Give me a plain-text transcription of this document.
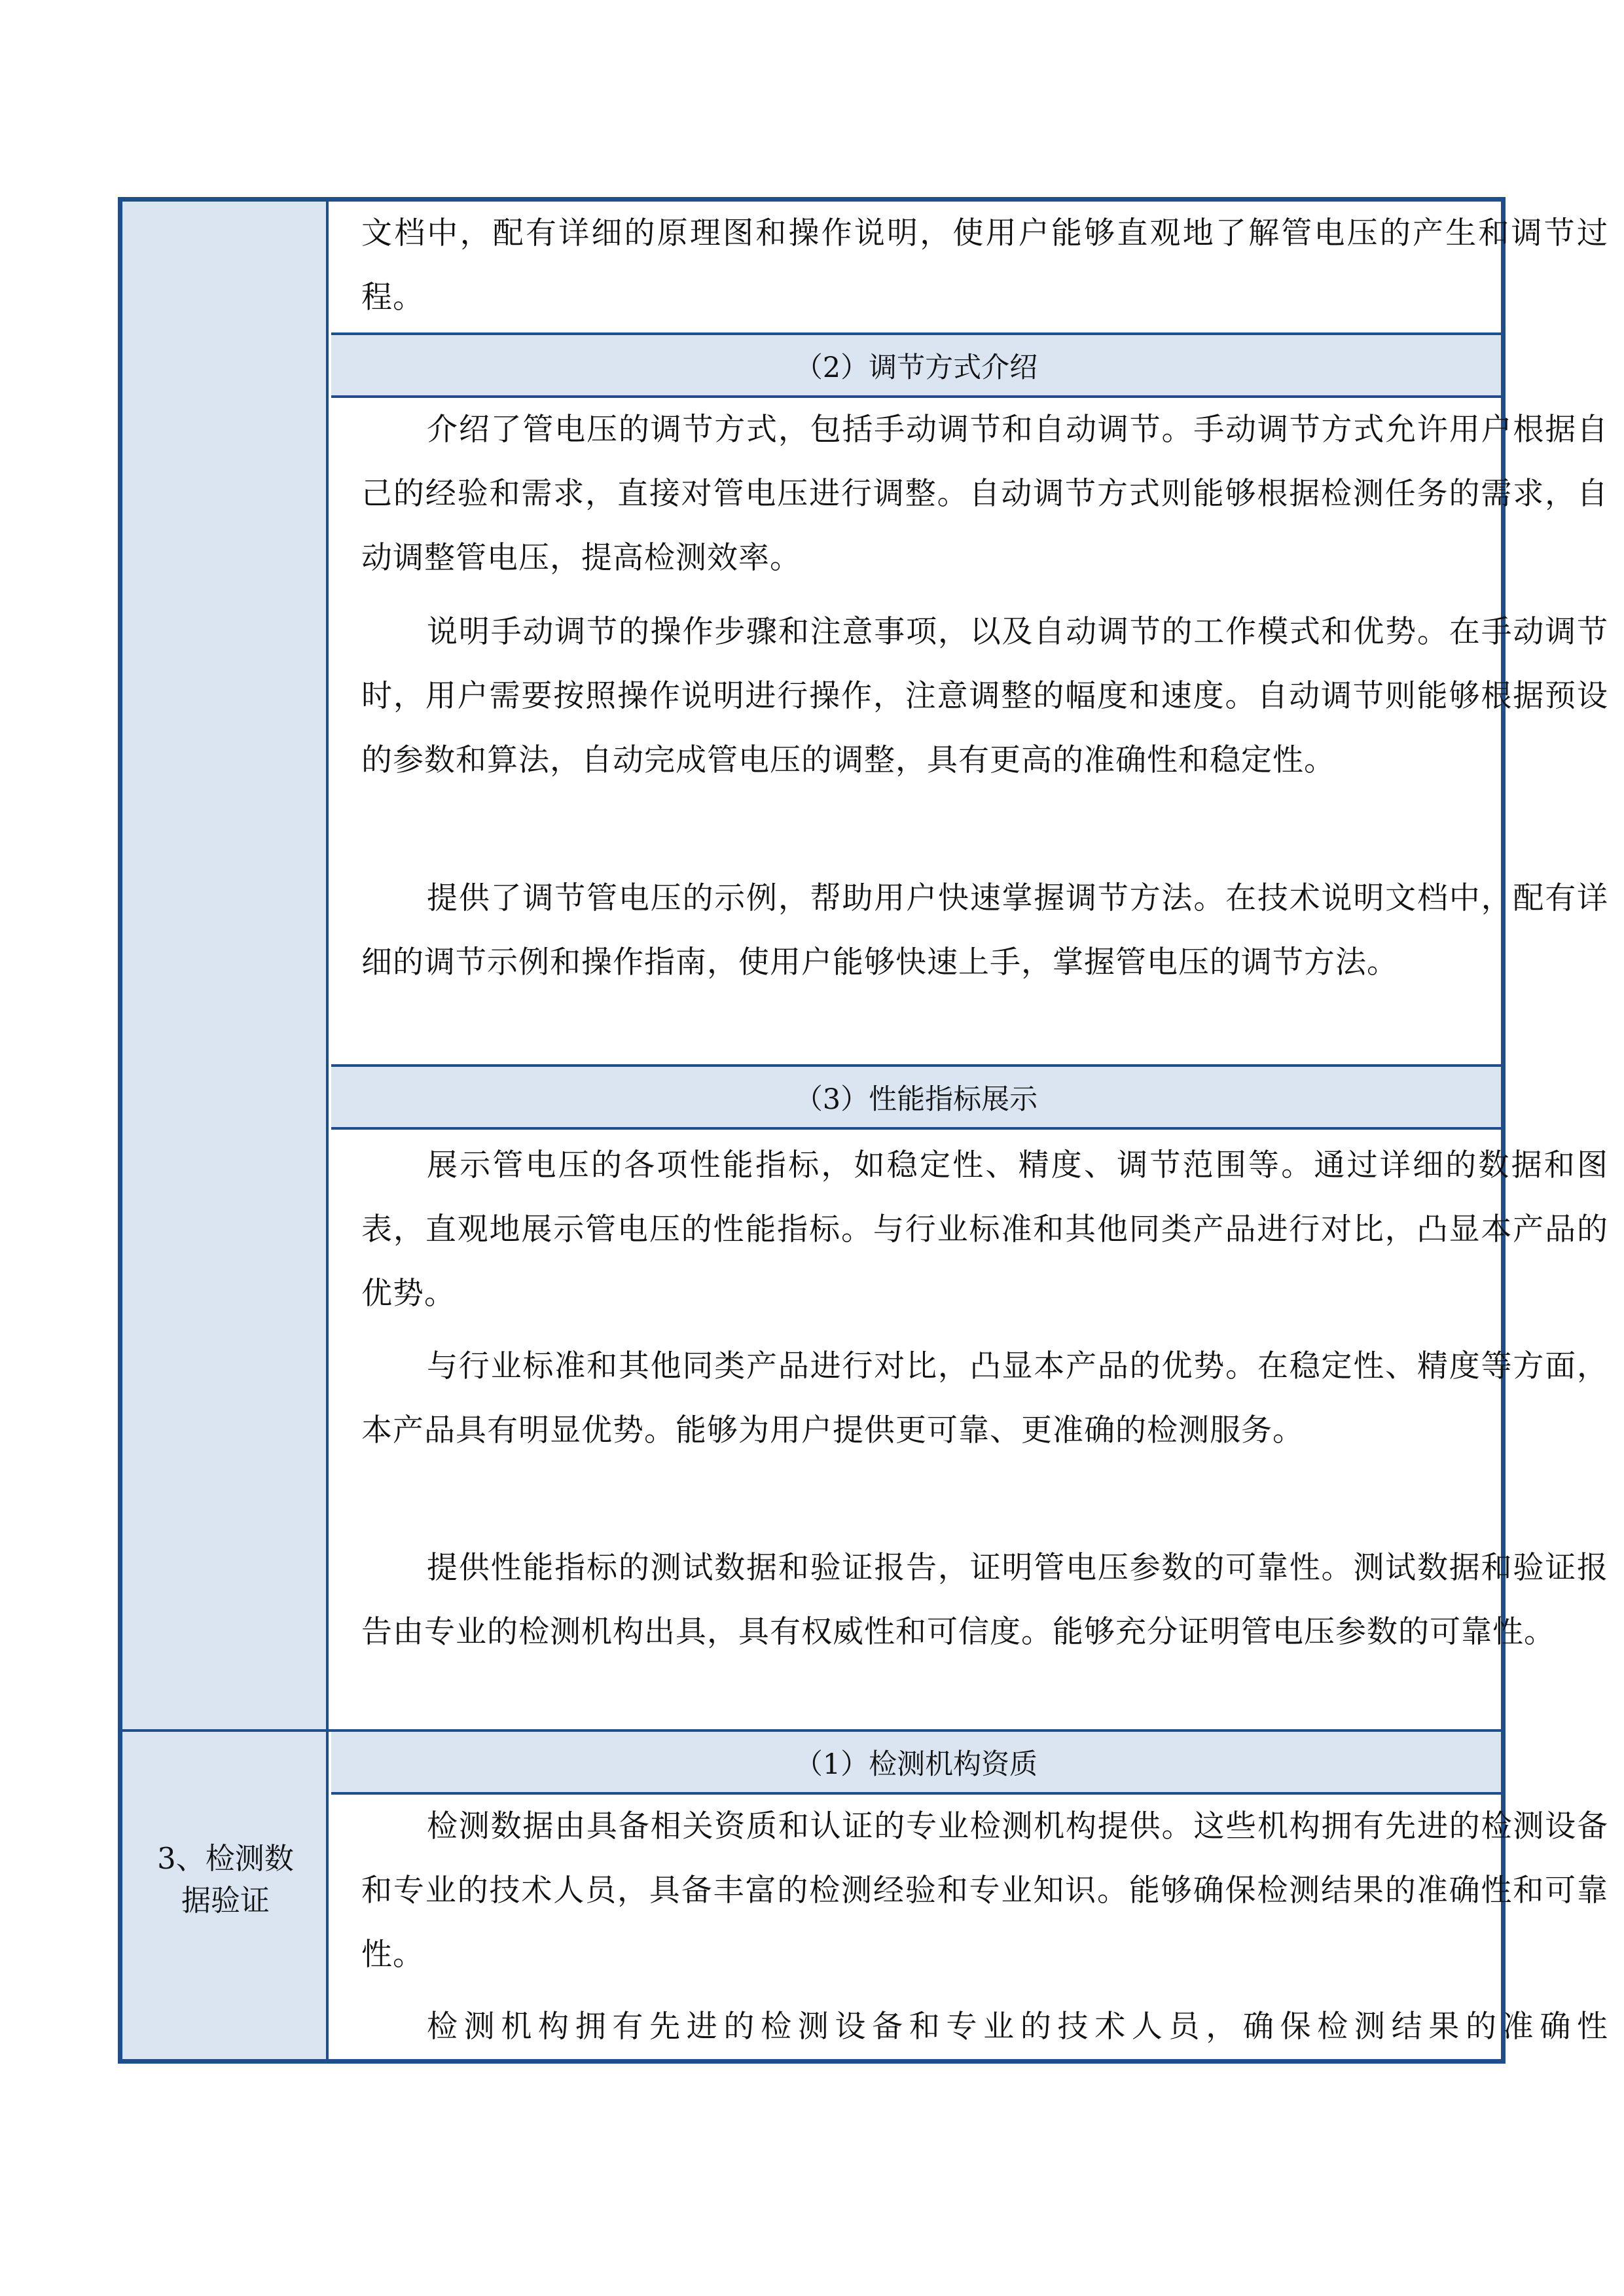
文档中，配有详细的原理图和操作说明，使用户能够直观地了解管电压的产生和调节过程。

（2）调节方式介绍

介绍了管电压的调节方式，包括手动调节和自动调节。手动调节方式允许用户根据自己的经验和需求，直接对管电压进行调整。自动调节方式则能够根据检测任务的需求，自动调整管电压，提高检测效率。

说明手动调节的操作步骤和注意事项，以及自动调节的工作模式和优势。在手动调节时，用户需要按照操作说明进行操作，注意调整的幅度和速度。自动调节则能够根据预设的参数和算法，自动完成管电压的调整，具有更高的准确性和稳定性。

提供了调节管电压的示例，帮助用户快速掌握调节方法。在技术说明文档中，配有详细的调节示例和操作指南，使用户能够快速上手，掌握管电压的调节方法。

（3）性能指标展示

展示管电压的各项性能指标，如稳定性、精度、调节范围等。通过详细的数据和图表，直观地展示管电压的性能指标。与行业标准和其他同类产品进行对比，凸显本产品的优势。

与行业标准和其他同类产品进行对比，凸显本产品的优势。在稳定性、精度等方面，本产品具有明显优势。能够为用户提供更可靠、更准确的检测服务。

提供性能指标的测试数据和验证报告，证明管电压参数的可靠性。测试数据和验证报告由专业的检测机构出具，具有权威性和可信度。能够充分证明管电压参数的可靠性。

（1）检测机构资质
3、检测数
据验证

检测数据由具备相关资质和认证的专业检测机构提供。这些机构拥有先进的检测设备和专业的技术人员，具备丰富的检测经验和专业知识。能够确保检测结果的准确性和可靠性。

检测机构拥有先进的检测设备和专业的技术人员，确保检测结果的准确性
